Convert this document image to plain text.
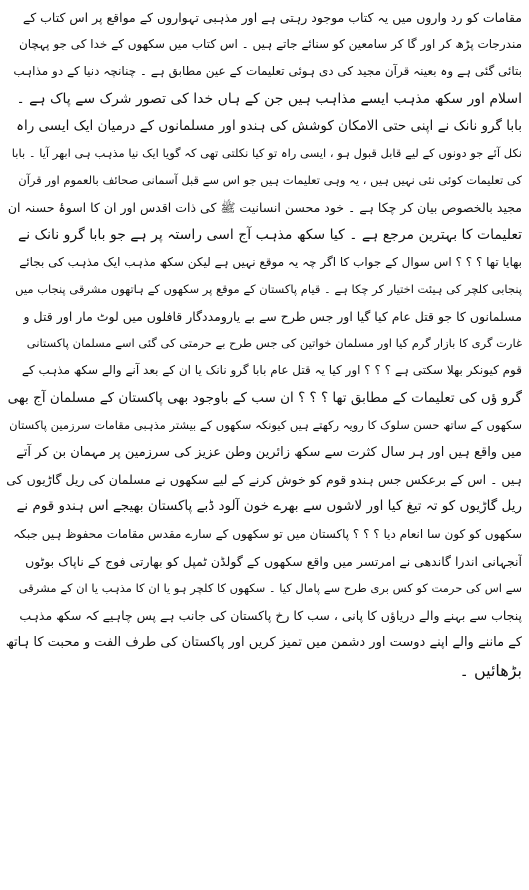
مقامات کو رد واروں میں یہ کتاب موجود رہتی ہے اور مذہبی تہواروں کے مواقع پر اس کتاب کے
مندرجات پڑھ کر اور گا کر سامعین کو سنائے جاتے ہیں ۔ اس کتاب میں سکھوں کے خدا کی جو پہچان
بتائی گئی ہے وہ بعینہ قرآن مجید کی دی ہوئی تعلیمات کے عین مطابق ہے ۔ چنانچہ دنیا کے دو مذاہب
اسلام اور سکھ مذہب ایسے مذاہب ہیں جن کے ہاں خدا کی تصور شرک سے پاک ہے ۔
بابا گرو نانک نے اپنی حتی الامکان کوشش کی ہندو اور مسلمانوں کے درمیان ایک ایسی راہ
نکل آئے جو دونوں کے لیے قابل قبول ہو ، ایسی راہ تو کیا نکلتی تھی کہ گویا ایک نیا مذہب ہی ابھر آیا ۔ بابا
کی تعلیمات کوئی نئی نہیں ہیں ، یہ وہی تعلیمات ہیں جو اس سے قبل آسمانی صحائف بالعموم اور قرآن
مجید بالخصوص بیان کر چکا ہے ۔ خود محسن انسانیت ﷺ کی ذات اقدس اور ان کا اسوۂ حسنہ ان
تعلیمات کا بہترین مرجع ہے ۔ کیا سکھ مذہب آج اسی راستہ پر ہے جو بابا گرو نانک نے
بھایا تھا ؟ ؟ ؟ اس سوال کے جواب کا اگر چہ یہ موقع نہیں ہے لیکن سکھ مذہب ایک مذہب کی بجائے
پنجابی کلچر کی ہیئت اختیار کر چکا ہے ۔ قیام پاکستان کے موقع پر سکھوں کے ہاتھوں مشرقی پنجاب میں
مسلمانوں کا جو قتل عام کیا گیا اور جس طرح سے بے یارومددگار قافلوں میں لوٹ مار اور قتل و
غارت گری کا بازار گرم کیا اور مسلمان خواتین کی جس طرح بے حرمتی کی گئی اسے مسلمان پاکستانی
قوم کیونکر بھلا سکتی ہے ؟ ؟ ؟ اور کیا یہ قتل عام بابا گرو نانک یا ان کے بعد آنے والے سکھ مذہب کے
گرو ؤں کی تعلیمات کے مطابق تھا ؟ ؟ ؟ ان سب کے باوجود بھی پاکستان کے مسلمان آج بھی
سکھوں کے ساتھ حسن سلوک کا رویہ رکھتے ہیں کیونکہ سکھوں کے بیشتر مذہبی مقامات سرزمین پاکستان
میں واقع ہیں اور ہر سال کثرت سے سکھ زائرین وطن عزیز کی سرزمین پر مہمان بن کر آتے
ہیں ۔ اس کے برعکس جس ہندو قوم کو خوش کرنے کے لیے سکھوں نے مسلمان کی ریل گاڑیوں کی
ریل گاڑیوں کو تہ تیغ کیا اور لاشوں سے بھرے خون آلود ڈبے پاکستان بھیجے اس ہندو قوم نے
سکھوں کو کون سا انعام دیا ؟ ؟ ؟ پاکستان میں تو سکھوں کے سارے مقدس مقامات محفوظ ہیں جبکہ
آنجہانی اندرا گاندھی نے امرتسر میں واقع سکھوں کے گولڈن ٹمپل کو بھارتی فوج کے ناپاک بوٹوں
سے اس کی حرمت کو کس بری طرح سے پامال کیا ۔ سکھوں کا کلچر ہو یا ان کا مذہب یا ان کے مشرقی
پنجاب سے بہنے والے دریاؤں کا پانی ، سب کا رخ پاکستان کی جانب ہے پس چاہیے کہ سکھ مذہب
کے ماننے والے اپنے دوست اور دشمن میں تمیز کریں اور پاکستان کی طرف الفت و محبت کا ہاتھ
بڑھائیں ۔
